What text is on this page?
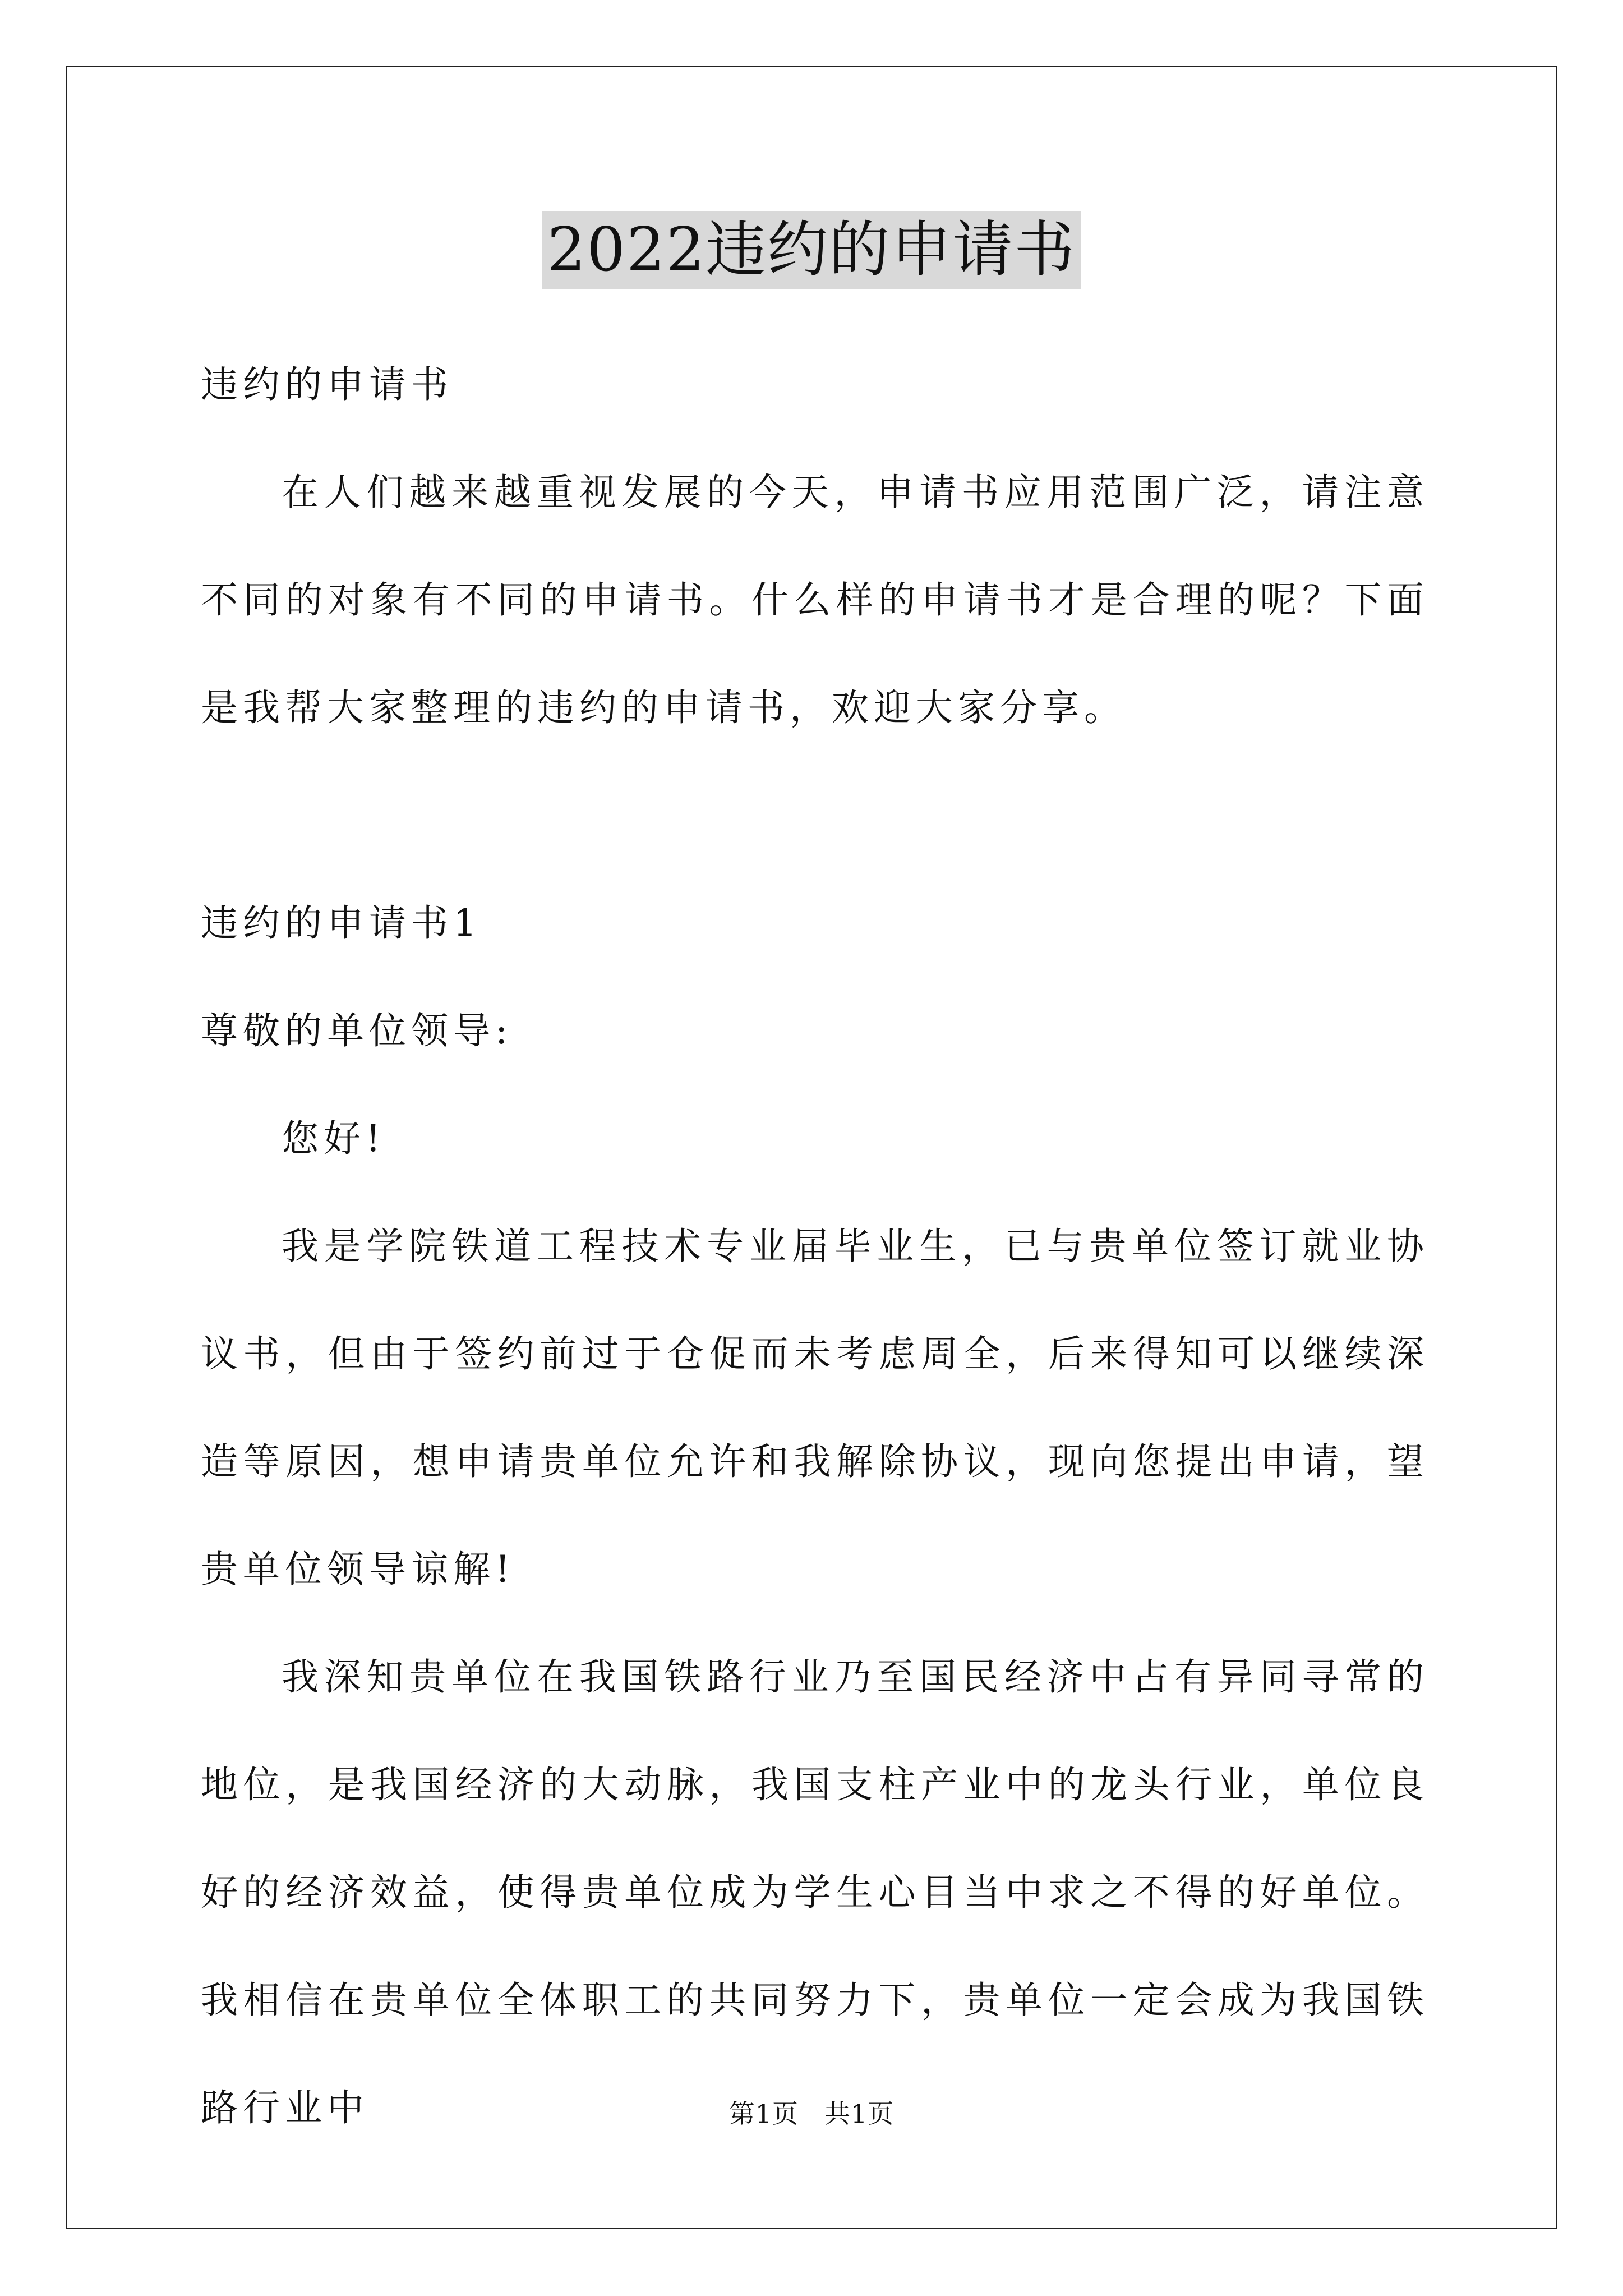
2022违约的申请书

违约的申请书

在人们越来越重视发展的今天，申请书应用范围广泛，请注意不同的对象有不同的申请书。什么样的申请书才是合理的呢？下面是我帮大家整理的违约的申请书，欢迎大家分享。

违约的申请书1

尊敬的单位领导:

您好!

我是学院铁道工程技术专业届毕业生，已与贵单位签订就业协议书，但由于签约前过于仓促而未考虑周全，后来得知可以继续深造等原因，想申请贵单位允许和我解除协议，现向您提出申请，望贵单位领导谅解!

我深知贵单位在我国铁路行业乃至国民经济中占有异同寻常的地位，是我国经济的大动脉，我国支柱产业中的龙头行业，单位良好的经济效益，使得贵单位成为学生心目当中求之不得的好单位。我相信在贵单位全体职工的共同努力下，贵单位一定会成为我国铁路行业中	第1页 共1页
